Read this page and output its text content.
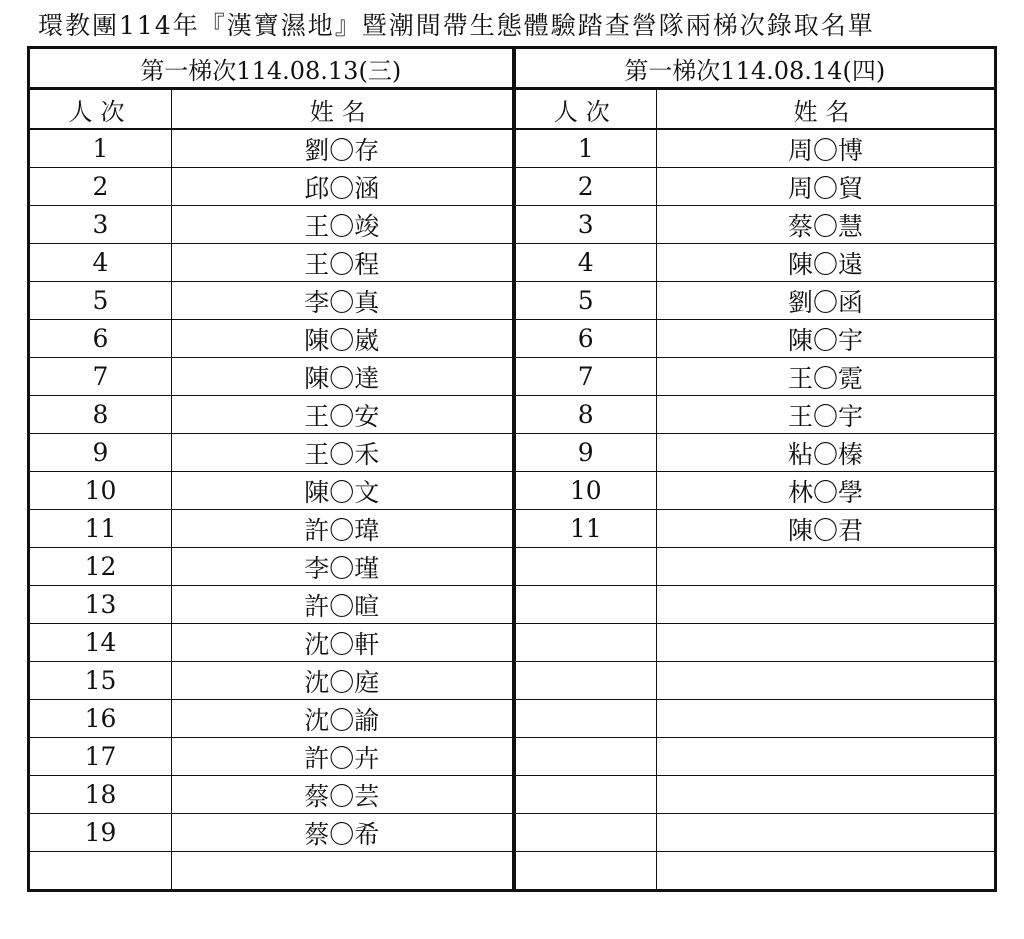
環教團114年『漢寶濕地』暨潮間帶生態體驗踏查營隊兩梯次錄取名單
第一梯次114.08.13(三)		第一梯次114.08.14(四)	
人次	姓名	人次	姓名
1	劉〇存	1	周〇博
2	邱〇涵	2	周〇貿
3	王〇竣	3	蔡〇慧
4	王〇程	4	陳〇遠
5	李〇真	5	劉〇函
6	陳〇崴	6	陳〇宇
7	陳〇達	7	王〇霓
8	王〇安	8	王〇宇
9	王〇禾	9	粘〇榛
10	陳〇文	10	林〇學
11	許〇瑋	11	陳〇君
12	李〇瑾		
13	許〇暄		
14	沈〇軒		
15	沈〇庭		
16	沈〇諭		
17	許〇卉		
18	蔡〇芸		
19	蔡〇希		
